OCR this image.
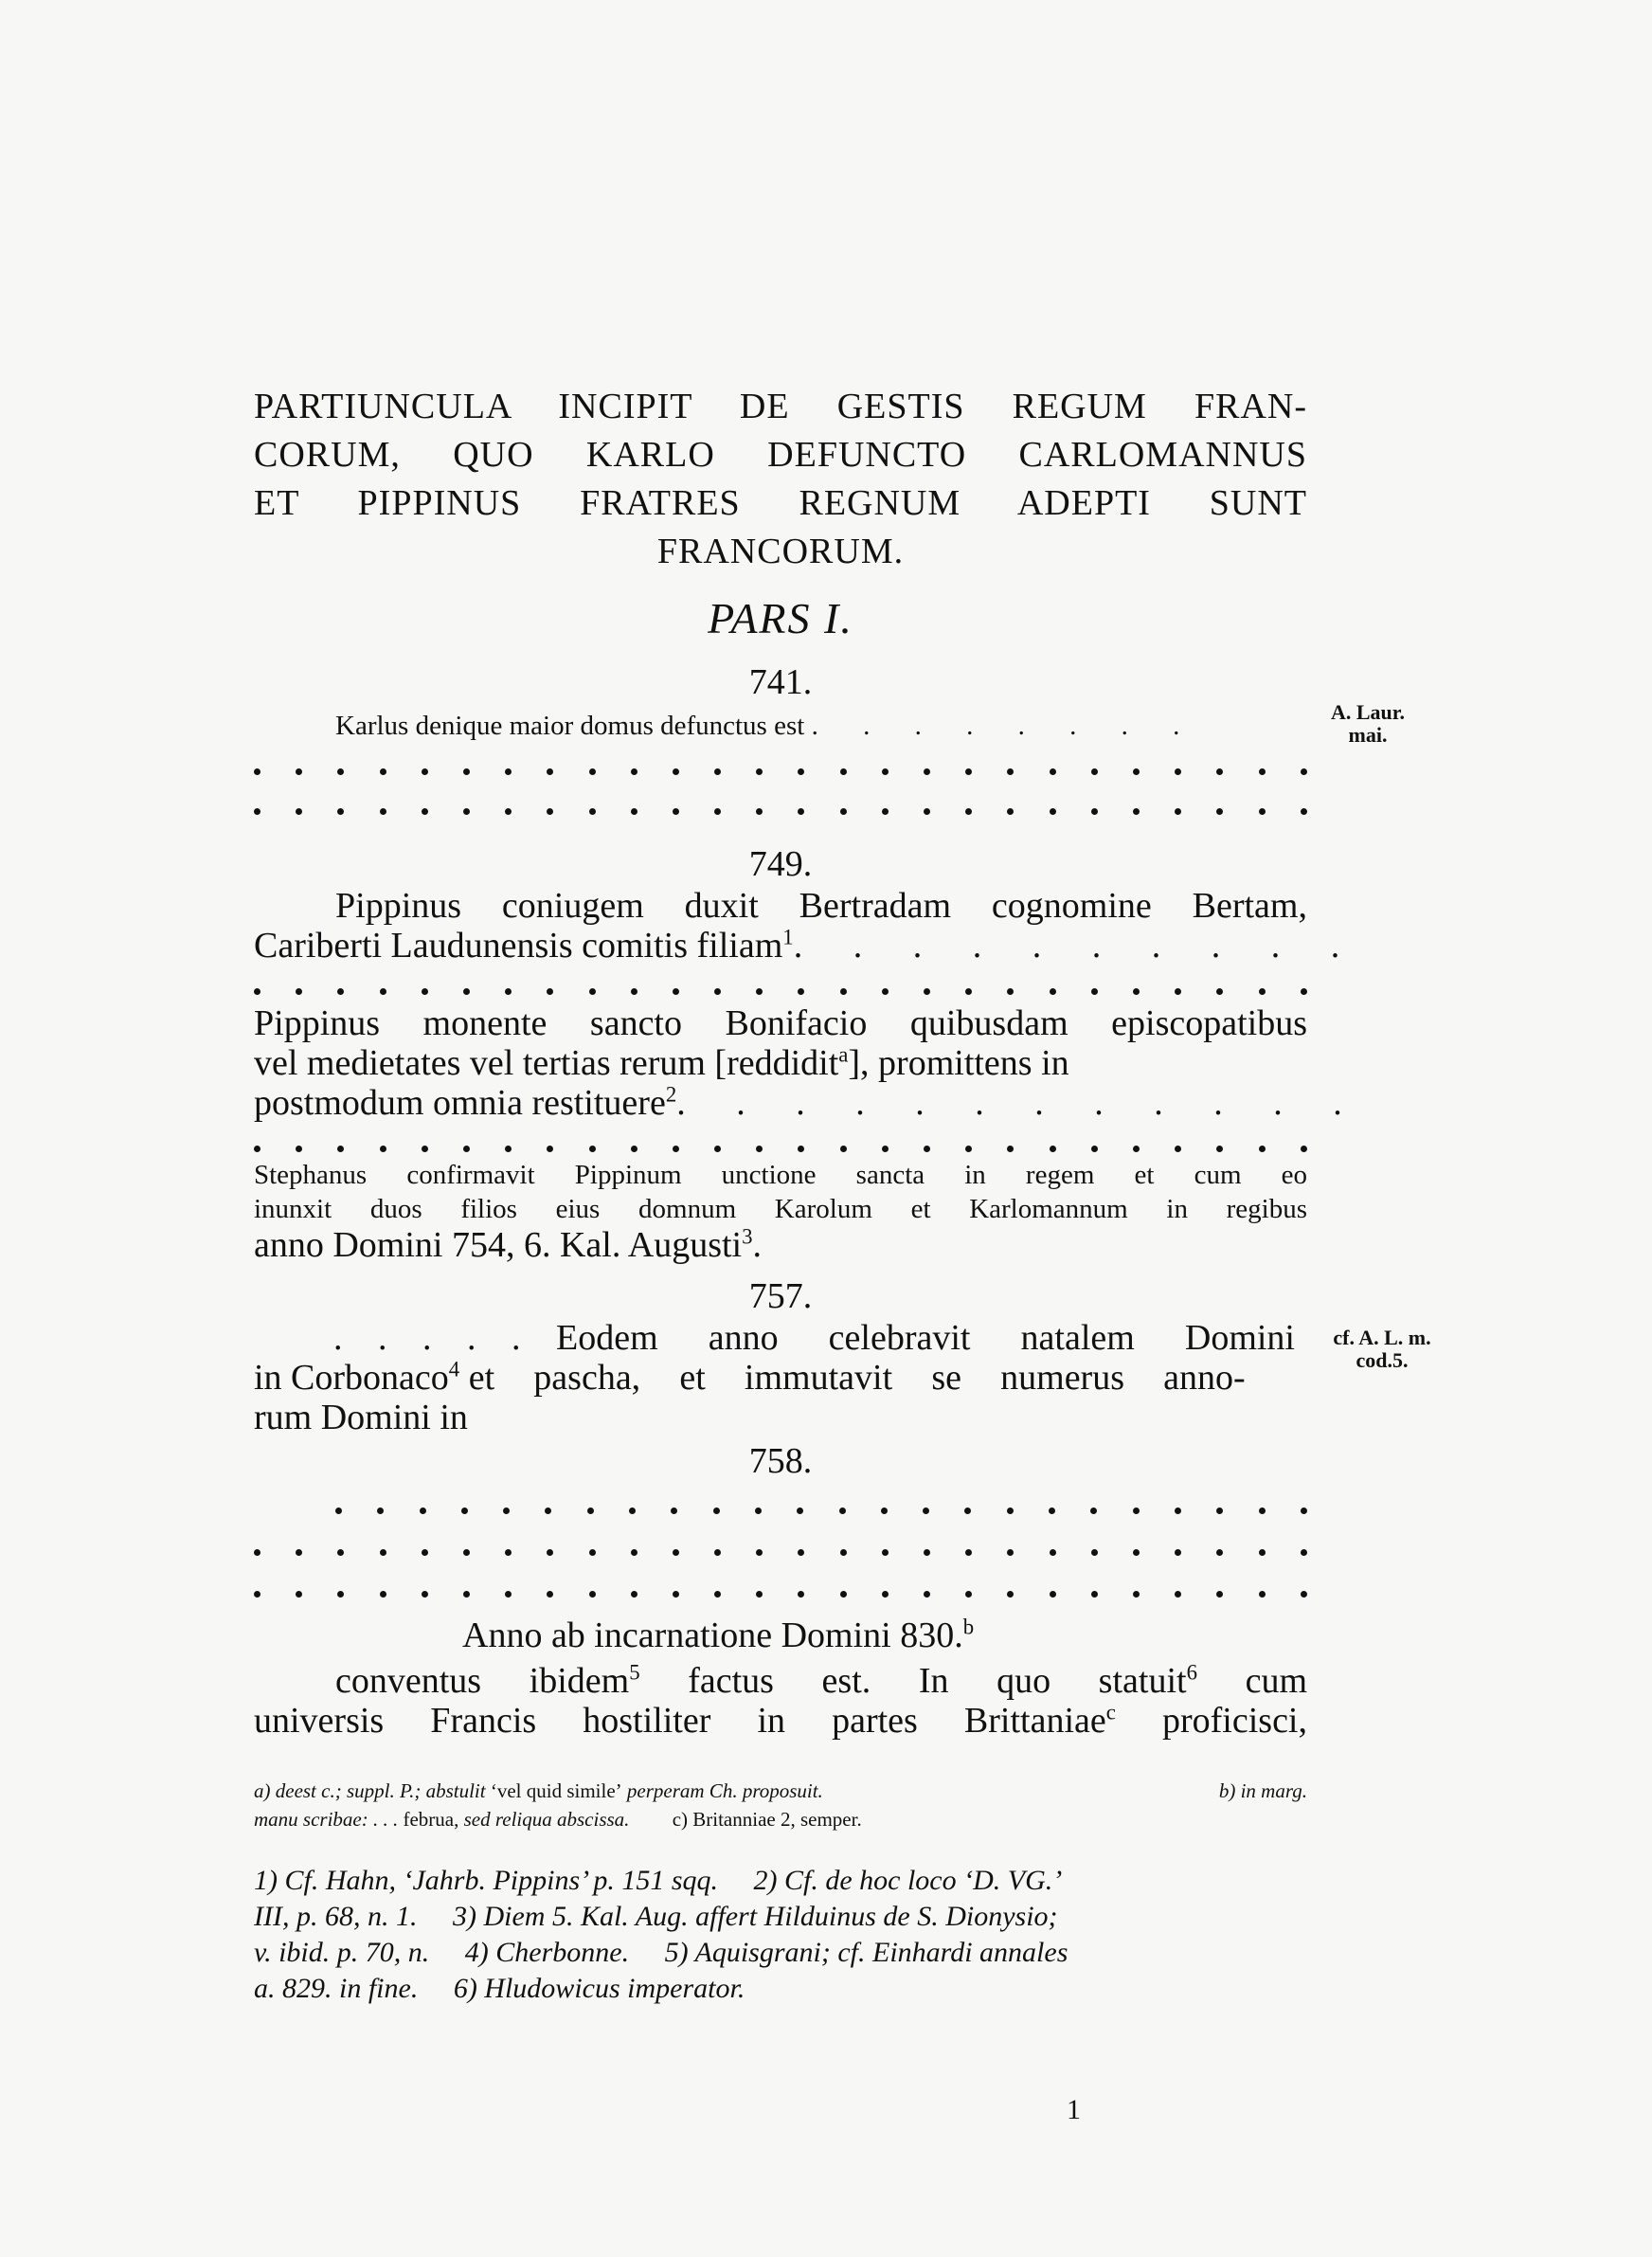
PARTIUNCULA INCIPIT DE GESTIS REGUM FRAN-
CORUM, QUO KARLO DEFUNCTO CARLOMANNUS
ET PIPPINUS FRATRES REGNUM ADEPTI SUNT
FRANCORUM.
PARS I.
741.
Karlus denique maior domus defunctus est . . . . . . . .	A. Laur.
mai.
749.
Pippinus coniugem duxit Bertradam cognomine Bertam,
Cariberti Laudunensis comitis filiam$^1$. . . . . . . . . .
Pippinus monente sancto Bonifacio quibusdam episcopatibus
vel medietates vel tertias rerum [reddidit$^a$], promittens in
postmodum omnia restituere$^2$. . . . . . . . . . . .
Stephanus confirmavit Pippinum unctione sancta in regem et cum eo
inunxit duos filios eius domnum Karolum et Karlomannum in regibus
anno Domini 754, 6. Kal. Augusti$^3$.
757.
. . . . . Eodem anno celebravit natalem Domini	cf. A. L. m.
cod.5.
in Corbonaco$^4$ et pascha, et immutavit se numerus anno-
rum Domini in
758.
Anno ab incarnatione Domini 830.$^b$
conventus ibidem$^5$ factus est. In quo statuit$^6$ cum
universis Francis hostiliter in partes Brittaniae$^c$ proficisci,
a) deest c.; suppl. P.; abstulit ‘vel quid simile’ perperam Ch. proposuit.	b) in marg.
manu scribae: . . . februa, sed reliqua abscissa. c) Britanniae 2, semper.
1) Cf. Hahn, ‘Jahrb. Pippins’ p. 151 sqq.     2) Cf. de hoc loco ‘D. VG.’
III, p. 68, n. 1.     3) Diem 5. Kal. Aug. affert Hilduinus de S. Dionysio;
v. ibid. p. 70, n.     4) Cherbonne.     5) Aquisgrani; cf. Einhardi annales
a. 829. in fine.     6) Hludowicus imperator.
1
